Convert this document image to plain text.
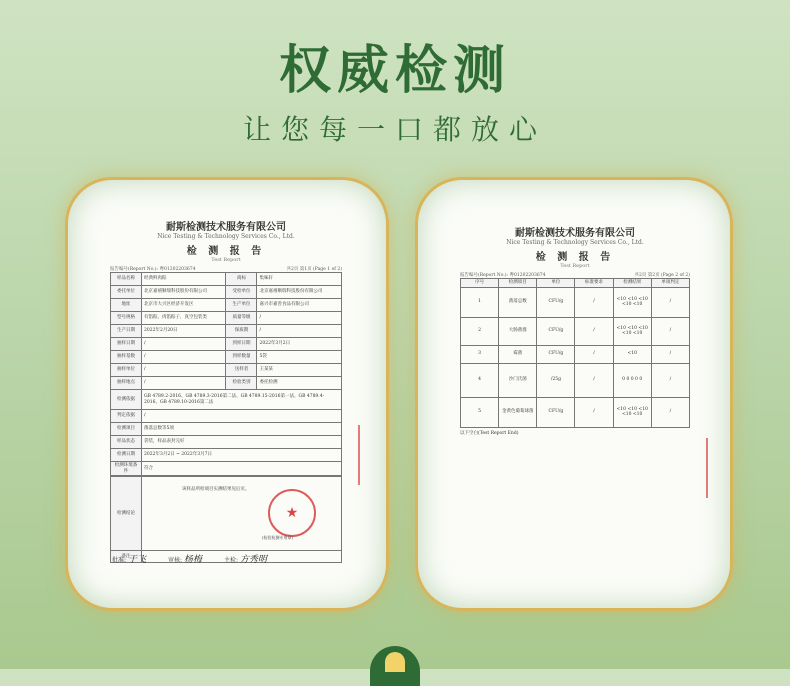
权威检测
让您每一口都放心
耐斯检测技术服务有限公司
Nice Testing & Technology Services Co., Ltd.
检 测 报 告
Test Report
报告编号(Report No.): 粤01202203674	共2页 第1页 (Page 1 of 2)
样品名称	经典鲜肉粽	商标	集味轩
委托单位	北京嘉禧顺瑞科技股份有限公司	受检单位	北京嘉禧顺瑞科技股份有限公司
地址	北京市大兴区经济开发区	生产单位	嘉兴市嘉善食品有限公司
型号规格	有馅粽，肉馅粽子，真空包装类	质量等级	/
生产日期	2022年2月20日	保质期	/
抽样日期	/	到样日期	2022年3月2日
抽样基数	/	到样数量	5袋
抽样单位	/	送样者	王某某
抽样地点	/	检验类别	委托检测
检测依据	GB 4789.2-2016、GB 4789.3-2016第二法、GB 4789.15-2016第一法、GB 4789.4-2016、GB 4789.10-2016第二法		
判定依据	/		
检测项目	菌落总数等5项		
样品状态	袋装，样品表封完好		
检测日期	2022年3月2日 ~ 2022年3月7日		
检测环境条件	符合		
检测结论	该样品所检项目实测结果见后页。
★
(检验检测专用章)

备注	
批准: 于飞	审核: 杨梅	主检: 方秀明
耐斯检测技术服务有限公司
Nice Testing & Technology Services Co., Ltd.
检 测 报 告
Test Report
报告编号(Report No.): 粤01202203674	共2页 第2页 (Page 2 of 2)
序号	检测项目	单位	标准要求	检测结果	单项判定
1	菌落总数	CFU/g	/	<10 <10 <10 <10 <10	/
2	大肠菌群	CFU/g	/	<10 <10 <10 <10 <10	/
3	霉菌	CFU/g	/	<10	/
4	沙门氏菌	/25g	/	0 0 0 0 0	/
5	金黄色葡萄球菌	CFU/g	/	<10 <10 <10 <10 <10	/
以下空白(Test Report End)
